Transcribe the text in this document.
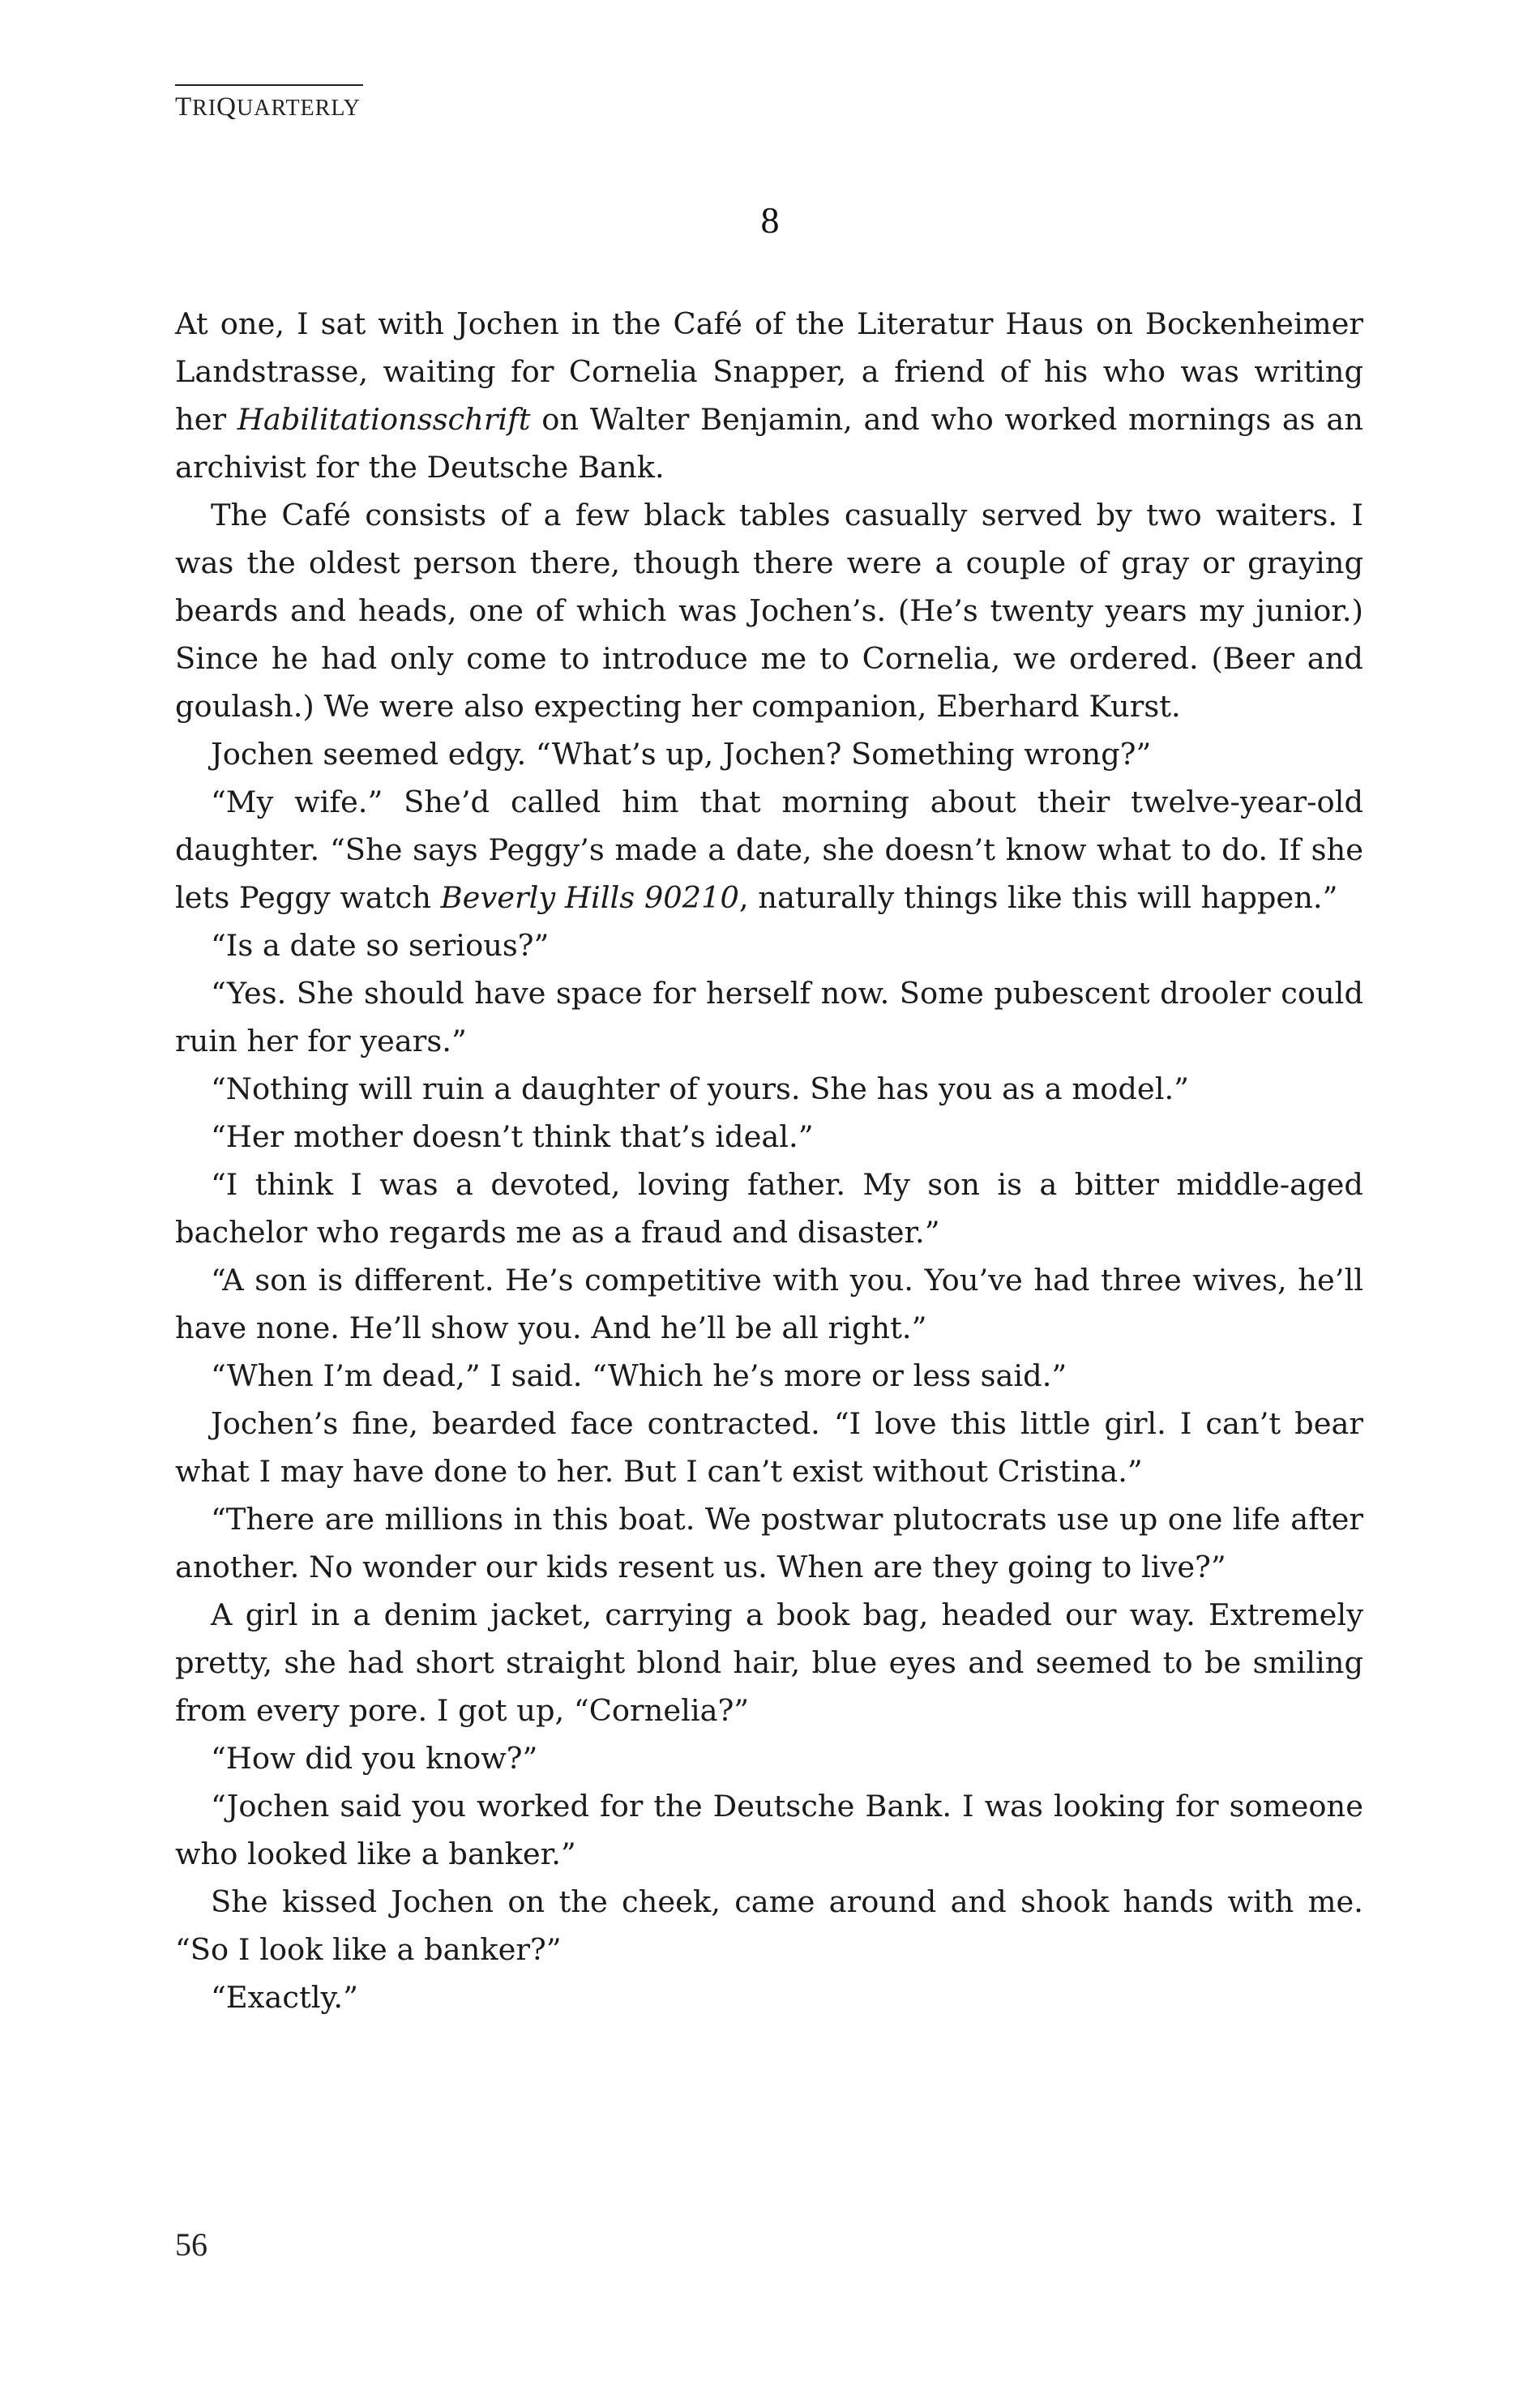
TRIQUARTERLY
8

At one, I sat with Jochen in the Café of the Literatur Haus on Bockenheimer Landstrasse, waiting for Cornelia Snapper, a friend of his who was writing her Habilitationsschrift on Walter Benjamin, and who worked mornings as an archivist for the Deutsche Bank.

The Café consists of a few black tables casually served by two waiters. I was the oldest person there, though there were a couple of gray or graying beards and heads, one of which was Jochen’s. (He’s twenty years my junior.) Since he had only come to introduce me to Cornelia, we ordered. (Beer and goulash.) We were also expecting her companion, Eberhard Kurst.

Jochen seemed edgy. “What’s up, Jochen? Something wrong?”

“My wife.” She’d called him that morning about their twelve-year-old daughter. “She says Peggy’s made a date, she doesn’t know what to do. If she lets Peggy watch Beverly Hills 90210, naturally things like this will happen.”

“Is a date so serious?”

“Yes. She should have space for herself now. Some pubescent drooler could ruin her for years.”

“Nothing will ruin a daughter of yours. She has you as a model.”

“Her mother doesn’t think that’s ideal.”

“I think I was a devoted, loving father. My son is a bitter middle-aged bachelor who regards me as a fraud and disaster.”

“A son is different. He’s competitive with you. You’ve had three wives, he’ll have none. He’ll show you. And he’ll be all right.”

“When I’m dead,” I said. “Which he’s more or less said.”

Jochen’s fine, bearded face contracted. “I love this little girl. I can’t bear what I may have done to her. But I can’t exist without Cristina.”

“There are millions in this boat. We postwar plutocrats use up one life after another. No wonder our kids resent us. When are they going to live?”

A girl in a denim jacket, carrying a book bag, headed our way. Extremely pretty, she had short straight blond hair, blue eyes and seemed to be smiling from every pore. I got up, “Cornelia?”

“How did you know?”

“Jochen said you worked for the Deutsche Bank. I was looking for someone who looked like a banker.”

She kissed Jochen on the cheek, came around and shook hands with me. “So I look like a banker?”

“Exactly.”

56
